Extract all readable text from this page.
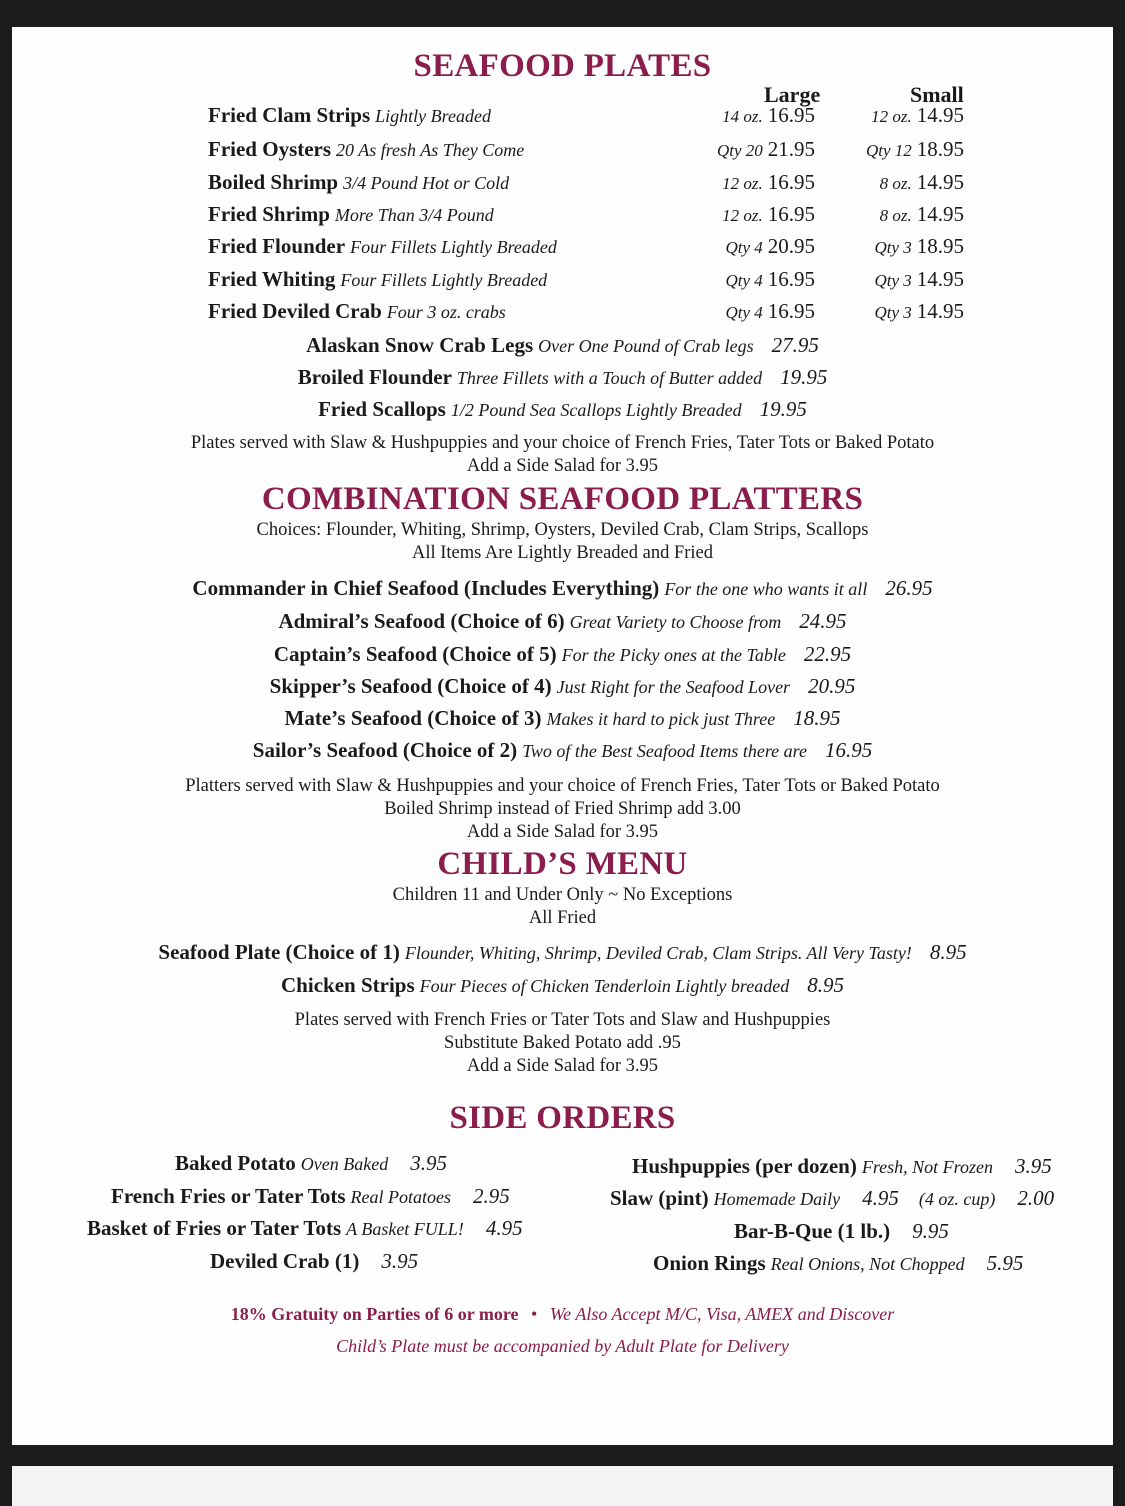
SEAFOOD PLATES
Large	Small
Fried Clam Strips Lightly Breaded	14 oz. 16.95	12 oz. 14.95
Fried Oysters 20 As fresh As They Come	Qty 20 21.95	Qty 12 18.95
Boiled Shrimp 3/4 Pound Hot or Cold	12 oz. 16.95	8 oz. 14.95
Fried Shrimp More Than 3/4 Pound	12 oz. 16.95	8 oz. 14.95
Fried Flounder Four Fillets Lightly Breaded	Qty 4 20.95	Qty 3 18.95
Fried Whiting Four Fillets Lightly Breaded	Qty 4 16.95	Qty 3 14.95
Fried Deviled Crab Four 3 oz. crabs	Qty 4 16.95	Qty 3 14.95
Alaskan Snow Crab Legs Over One Pound of Crab legs 27.95
Broiled Flounder Three Fillets with a Touch of Butter added 19.95
Fried Scallops 1/2 Pound Sea Scallops Lightly Breaded 19.95
Plates served with Slaw & Hushpuppies and your choice of French Fries, Tater Tots or Baked Potato
Add a Side Salad for 3.95
COMBINATION SEAFOOD PLATTERS
Choices: Flounder, Whiting, Shrimp, Oysters, Deviled Crab, Clam Strips, Scallops
All Items Are Lightly Breaded and Fried
Commander in Chief Seafood (Includes Everything) For the one who wants it all 26.95
Admiral’s Seafood (Choice of 6) Great Variety to Choose from 24.95
Captain’s Seafood (Choice of 5) For the Picky ones at the Table 22.95
Skipper’s Seafood (Choice of 4) Just Right for the Seafood Lover 20.95
Mate’s Seafood (Choice of 3) Makes it hard to pick just Three 18.95
Sailor’s Seafood (Choice of 2) Two of the Best Seafood Items there are 16.95
Platters served with Slaw & Hushpuppies and your choice of French Fries, Tater Tots or Baked Potato
Boiled Shrimp instead of Fried Shrimp add 3.00
Add a Side Salad for 3.95
CHILD’S MENU
Children 11 and Under Only ~ No Exceptions
All Fried
Seafood Plate (Choice of 1) Flounder, Whiting, Shrimp, Deviled Crab, Clam Strips. All Very Tasty! 8.95
Chicken Strips Four Pieces of Chicken Tenderloin Lightly breaded 8.95
Plates served with French Fries or Tater Tots and Slaw and Hushpuppies
Substitute Baked Potato add .95
Add a Side Salad for 3.95
SIDE ORDERS
Baked Potato Oven Baked 3.95
French Fries or Tater Tots Real Potatoes 2.95
Basket of Fries or Tater Tots A Basket FULL! 4.95
Deviled Crab (1) 3.95
Hushpuppies (per dozen) Fresh, Not Frozen 3.95
Slaw (pint) Homemade Daily 4.95 (4 oz. cup) 2.00
Bar-B-Que (1 lb.) 9.95
Onion Rings Real Onions, Not Chopped 5.95
18% Gratuity on Parties of 6 or more • We Also Accept M/C, Visa, AMEX and Discover
Child’s Plate must be accompanied by Adult Plate for Delivery
